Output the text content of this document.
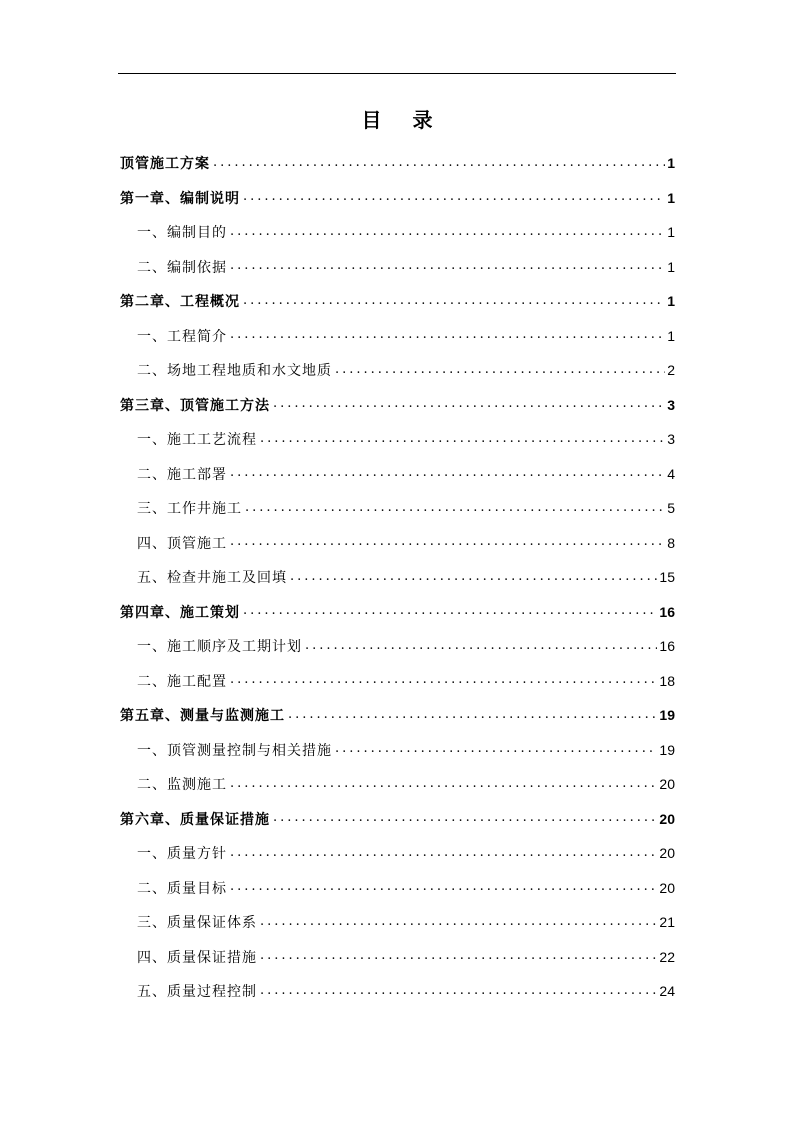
目 录
顶管施工方案 .....	1
第一章、编制说明 .....	1
一、编制目的 .....	1
二、编制依据 .....	1
第二章、工程概况 .....	1
一、工程简介 .....	1
二、场地工程地质和水文地质 .....	2
第三章、顶管施工方法 .....	3
一、施工工艺流程 .....	3
二、施工部署 .....	4
三、工作井施工 .....	5
四、顶管施工 .....	8
五、检查井施工及回填 .....	15
第四章、施工策划 .....	16
一、施工顺序及工期计划 .....	16
二、施工配置 .....	18
第五章、测量与监测施工 .....	19
一、顶管测量控制与相关措施 .....	19
二、监测施工 .....	20
第六章、质量保证措施 .....	20
一、质量方针 .....	20
二、质量目标 .....	20
三、质量保证体系 .....	21
四、质量保证措施 .....	22
五、质量过程控制 .....	24
